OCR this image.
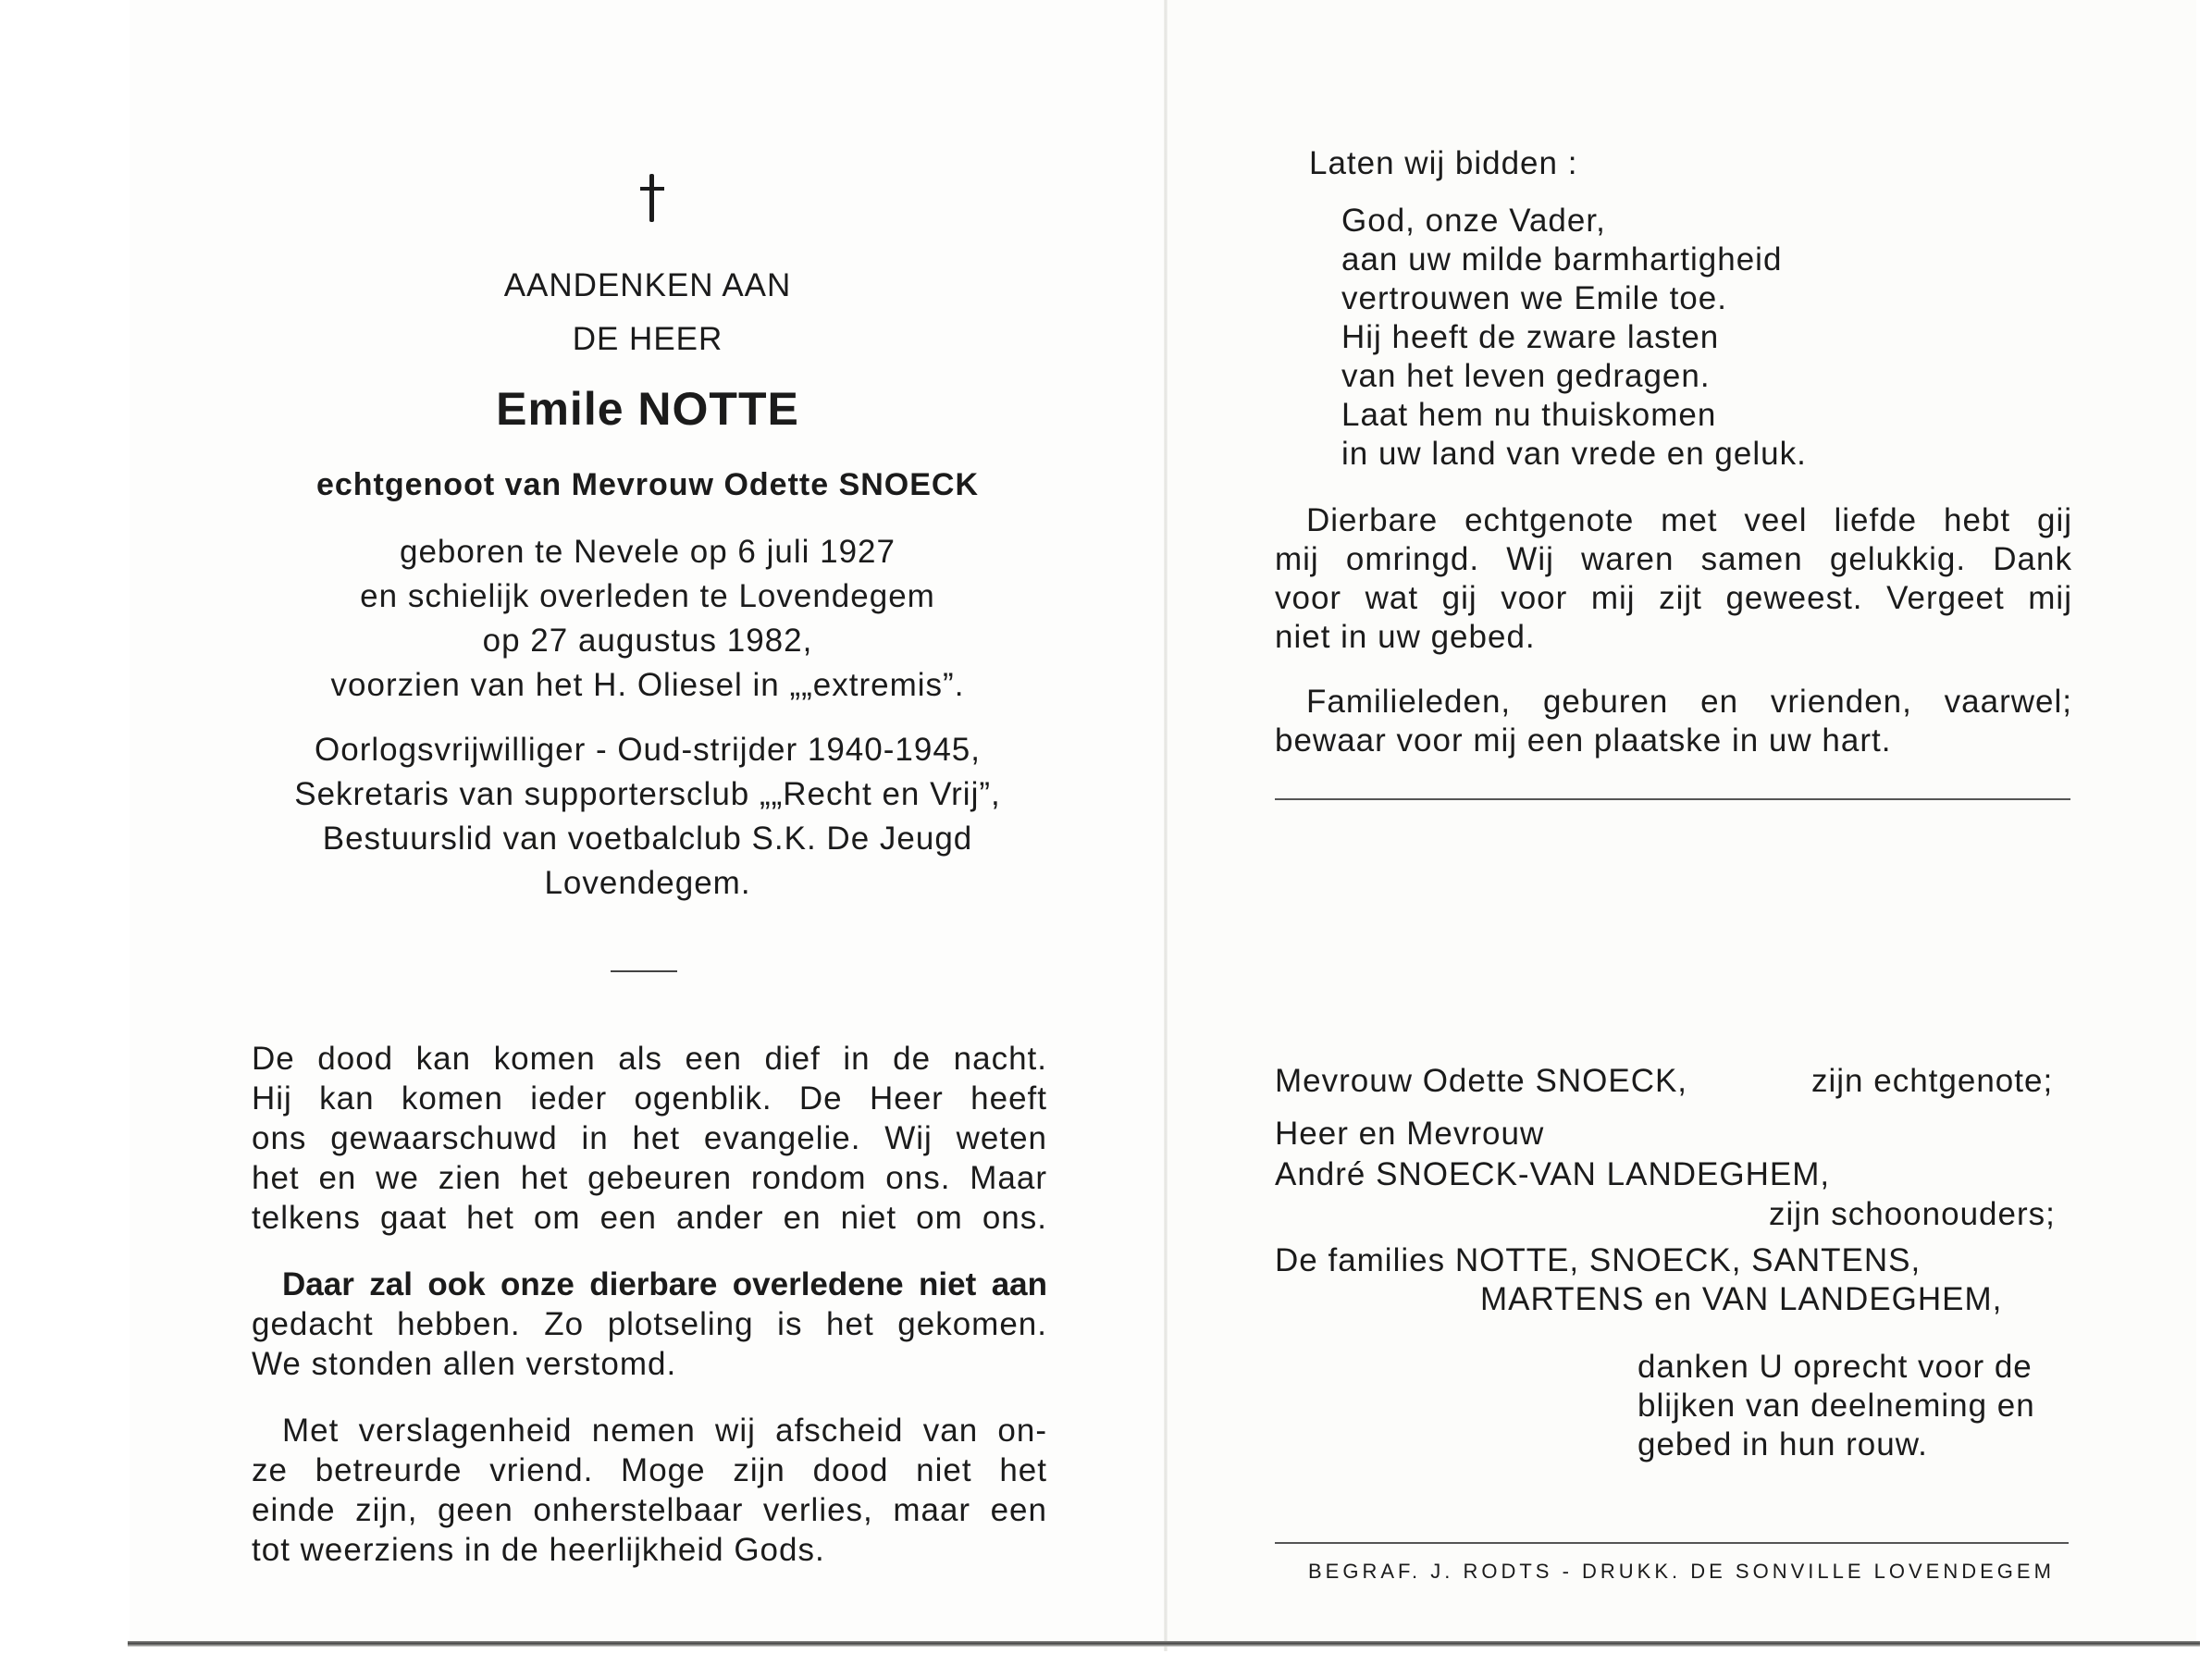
AANDENKEN AAN
DE HEER
Emile NOTTE
echtgenoot van Mevrouw Odette SNOECK
geboren te Nevele op 6 juli 1927
en schielijk overleden te Lovendegem
op 27 augustus 1982,
voorzien van het H. Oliesel in „„extremis”.
Oorlogsvrijwilliger - Oud-strijder 1940-1945,
Sekretaris van supportersclub „„Recht en Vrij”,
Bestuurslid van voetbalclub S.K. De Jeugd
Lovendegem.
De dood kan komen als een dief in de nacht.
Hij kan komen ieder ogenblik. De Heer heeft
ons gewaarschuwd in het evangelie. Wij weten
het en we zien het gebeuren rondom ons. Maar
telkens gaat het om een ander en niet om ons.
Daar zal ook onze dierbare overledene niet aan
gedacht hebben. Zo plotseling is het gekomen.
We stonden allen verstomd.
Met verslagenheid nemen wij afscheid van on-
ze betreurde vriend. Moge zijn dood niet het
einde zijn, geen onherstelbaar verlies, maar een
tot weerziens in de heerlijkheid Gods.
Laten wij bidden :
God, onze Vader,
aan uw milde barmhartigheid
vertrouwen we Emile toe.
Hij heeft de zware lasten
van het leven gedragen.
Laat hem nu thuiskomen
in uw land van vrede en geluk.
Dierbare echtgenote met veel liefde hebt gij
mij omringd. Wij waren samen gelukkig. Dank
voor wat gij voor mij zijt geweest. Vergeet mij
niet in uw gebed.
Familieleden, geburen en vrienden, vaarwel;
bewaar voor mij een plaatske in uw hart.
Mevrouw Odette SNOECK,	zijn echtgenote;
Heer en Mevrouw
André SNOECK-VAN LANDEGHEM,
zijn schoonouders;
De families NOTTE, SNOECK, SANTENS,
MARTENS en VAN LANDEGHEM,
danken U oprecht voor de
blijken van deelneming en
gebed in hun rouw.
BEGRAF. J. RODTS - DRUKK. DE SONVILLE LOVENDEGEM
